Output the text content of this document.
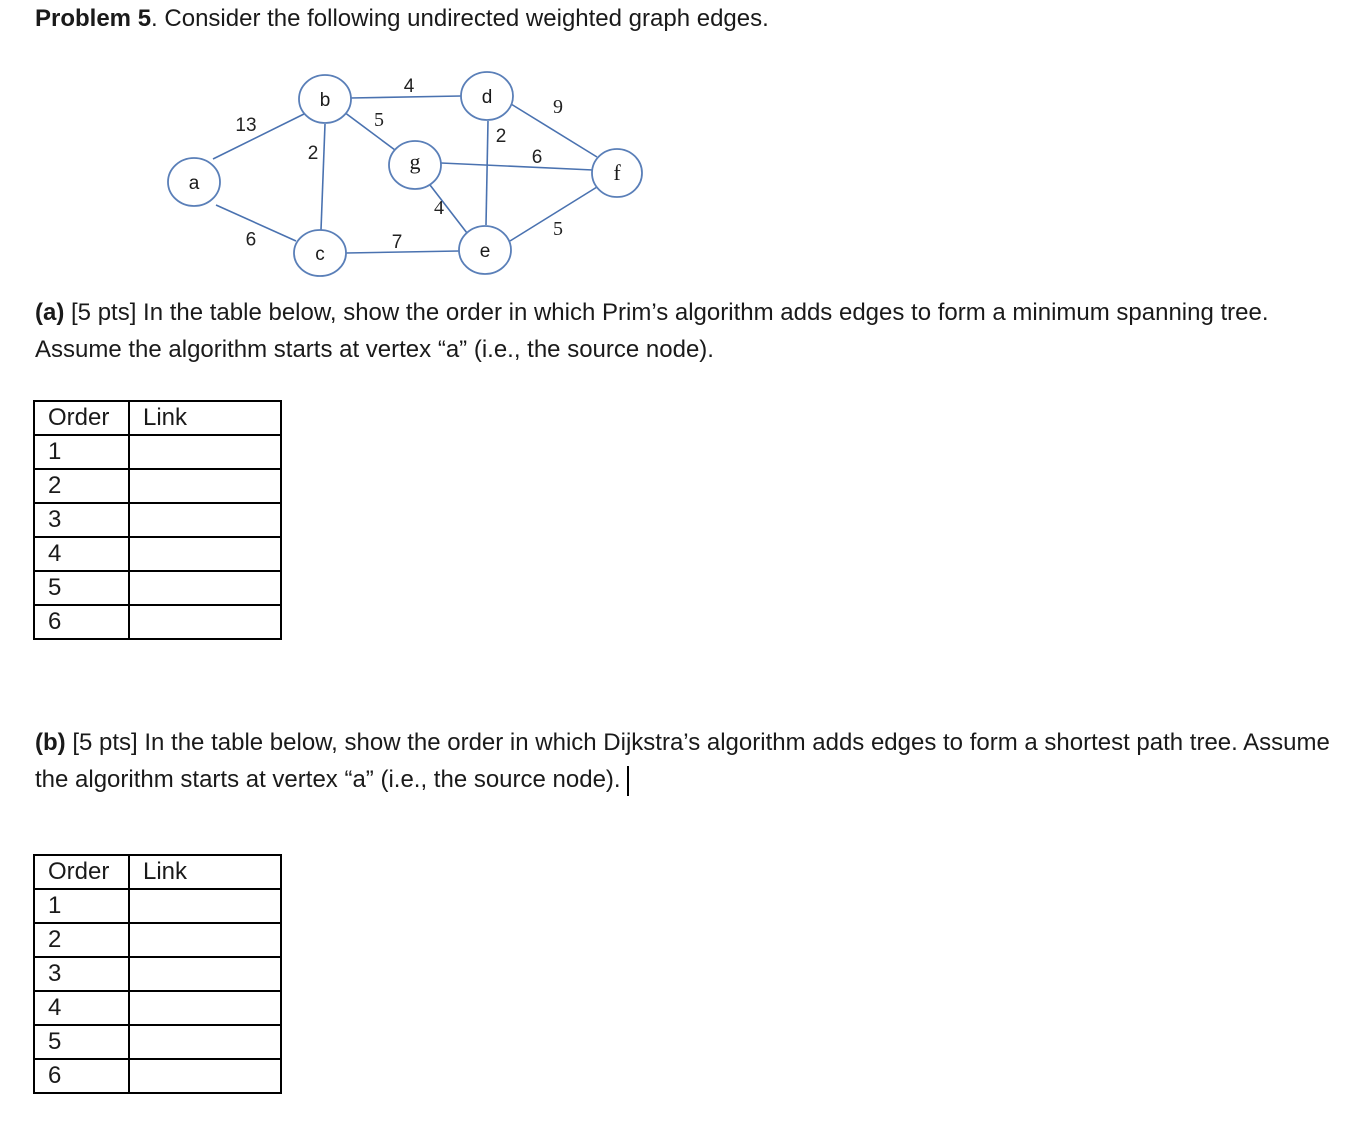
Problem 5. Consider the following undirected weighted graph edges.
a
b
c
d
e
f
g
13
9
2
4
5
2
9
6
4
7
5
(a) [5 pts] In the table below, show the order in which Prim’s algorithm adds edges to form a minimum spanning tree. Assume the algorithm starts at vertex “a” (i.e., the source node).
Order	Link
1	
2	
3	
4	
5	
6	
(b) [5 pts] In the table below, show the order in which Dijkstra’s algorithm adds edges to form a shortest path tree. Assume the algorithm starts at vertex “a” (i.e., the source node).
Order	Link
1	
2	
3	
4	
5	
6	
